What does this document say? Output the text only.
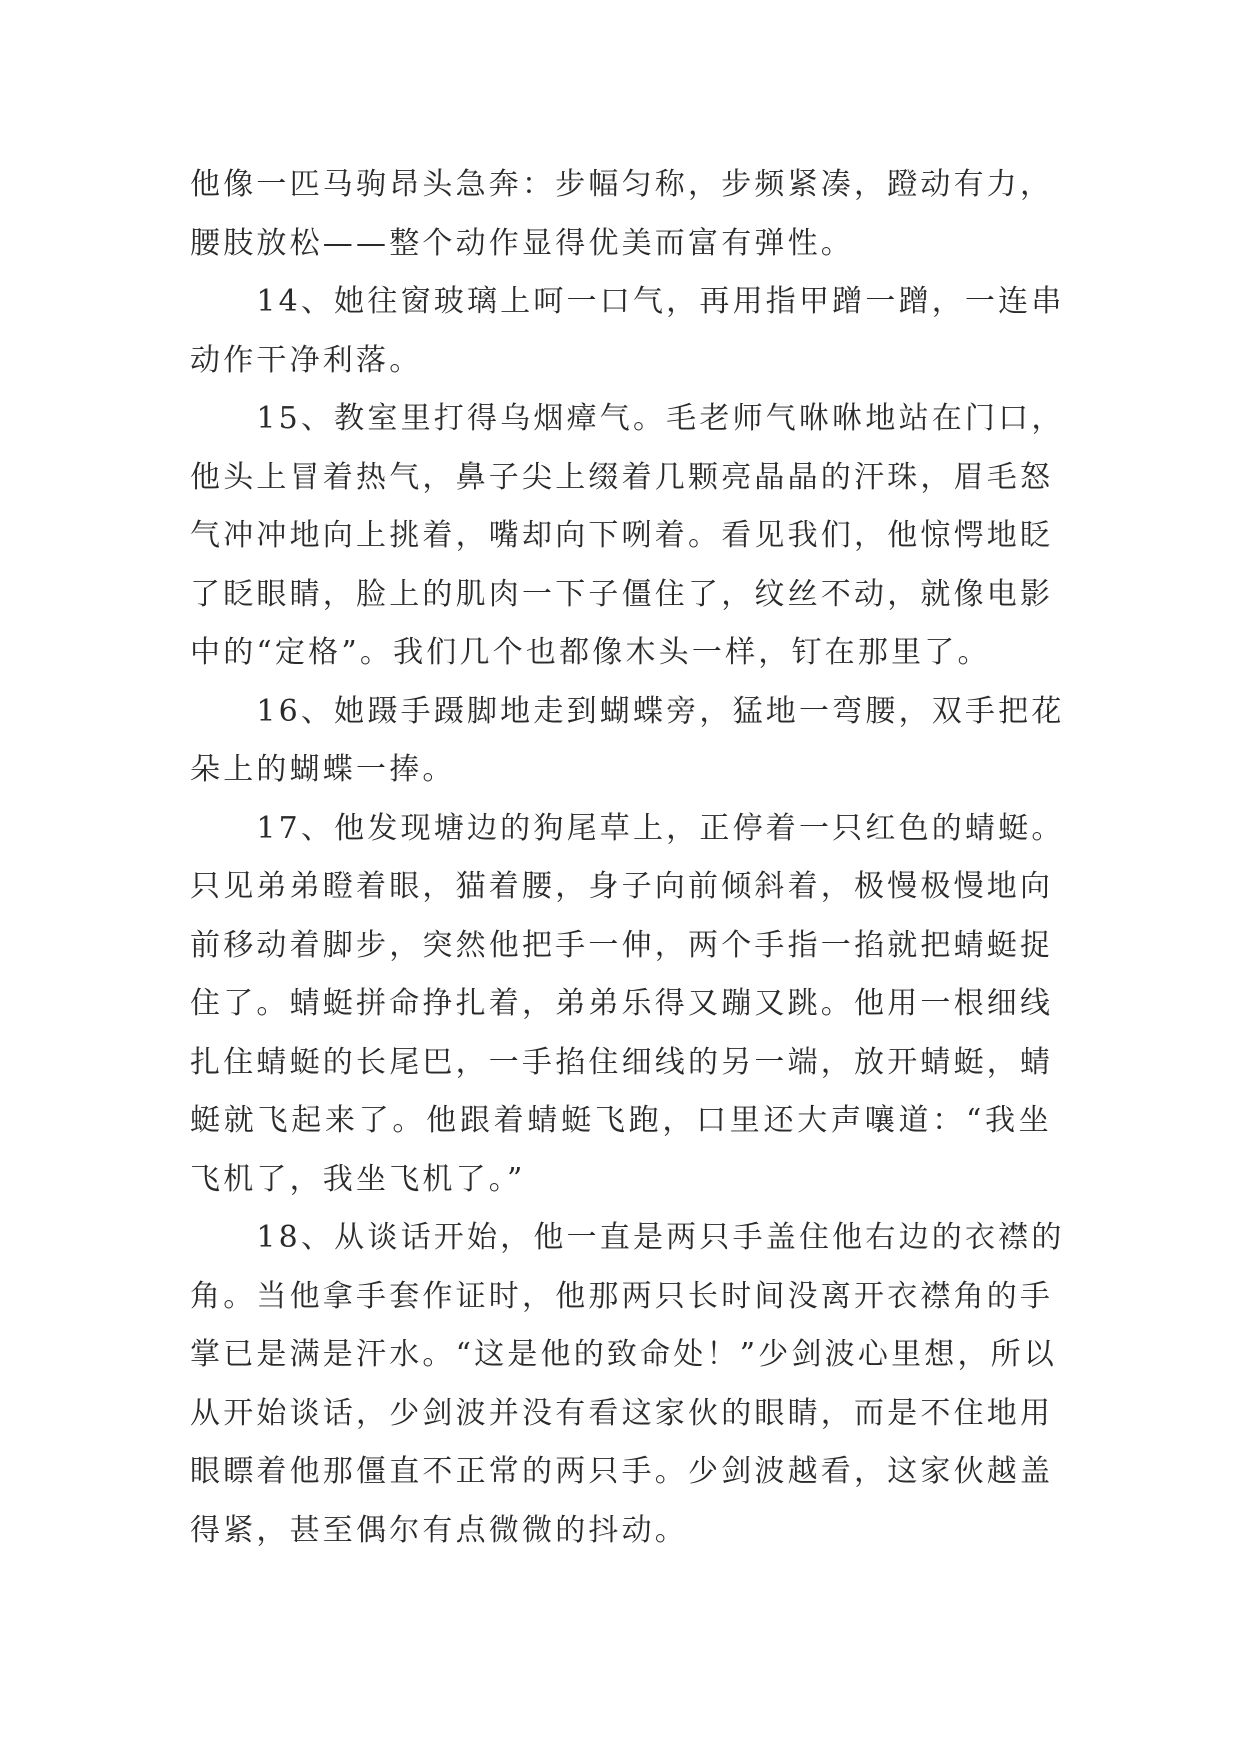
他像一匹马驹昂头急奔：步幅匀称，步频紧凑，蹬动有力，
腰肢放松——整个动作显得优美而富有弹性。
　　14、她往窗玻璃上呵一口气，再用指甲蹭一蹭，一连串
动作干净利落。
　　15、教室里打得乌烟瘴气。毛老师气咻咻地站在门口，
他头上冒着热气，鼻子尖上缀着几颗亮晶晶的汗珠，眉毛怒
气冲冲地向上挑着，嘴却向下咧着。看见我们，他惊愕地眨
了眨眼睛，脸上的肌肉一下子僵住了，纹丝不动，就像电影
中的“定格”。我们几个也都像木头一样，钉在那里了。
　　16、她蹑手蹑脚地走到蝴蝶旁，猛地一弯腰，双手把花
朵上的蝴蝶一捧。
　　17、他发现塘边的狗尾草上，正停着一只红色的蜻蜓。
只见弟弟瞪着眼，猫着腰，身子向前倾斜着，极慢极慢地向
前移动着脚步，突然他把手一伸，两个手指一掐就把蜻蜓捉
住了。蜻蜓拼命挣扎着，弟弟乐得又蹦又跳。他用一根细线
扎住蜻蜓的长尾巴，一手掐住细线的另一端，放开蜻蜓，蜻
蜓就飞起来了。他跟着蜻蜓飞跑，口里还大声嚷道：“我坐
飞机了，我坐飞机了。”
　　18、从谈话开始，他一直是两只手盖住他右边的衣襟的
角。当他拿手套作证时，他那两只长时间没离开衣襟角的手
掌已是满是汗水。“这是他的致命处！”少剑波心里想，所以
从开始谈话，少剑波并没有看这家伙的眼睛，而是不住地用
眼瞟着他那僵直不正常的两只手。少剑波越看，这家伙越盖
得紧，甚至偶尔有点微微的抖动。
